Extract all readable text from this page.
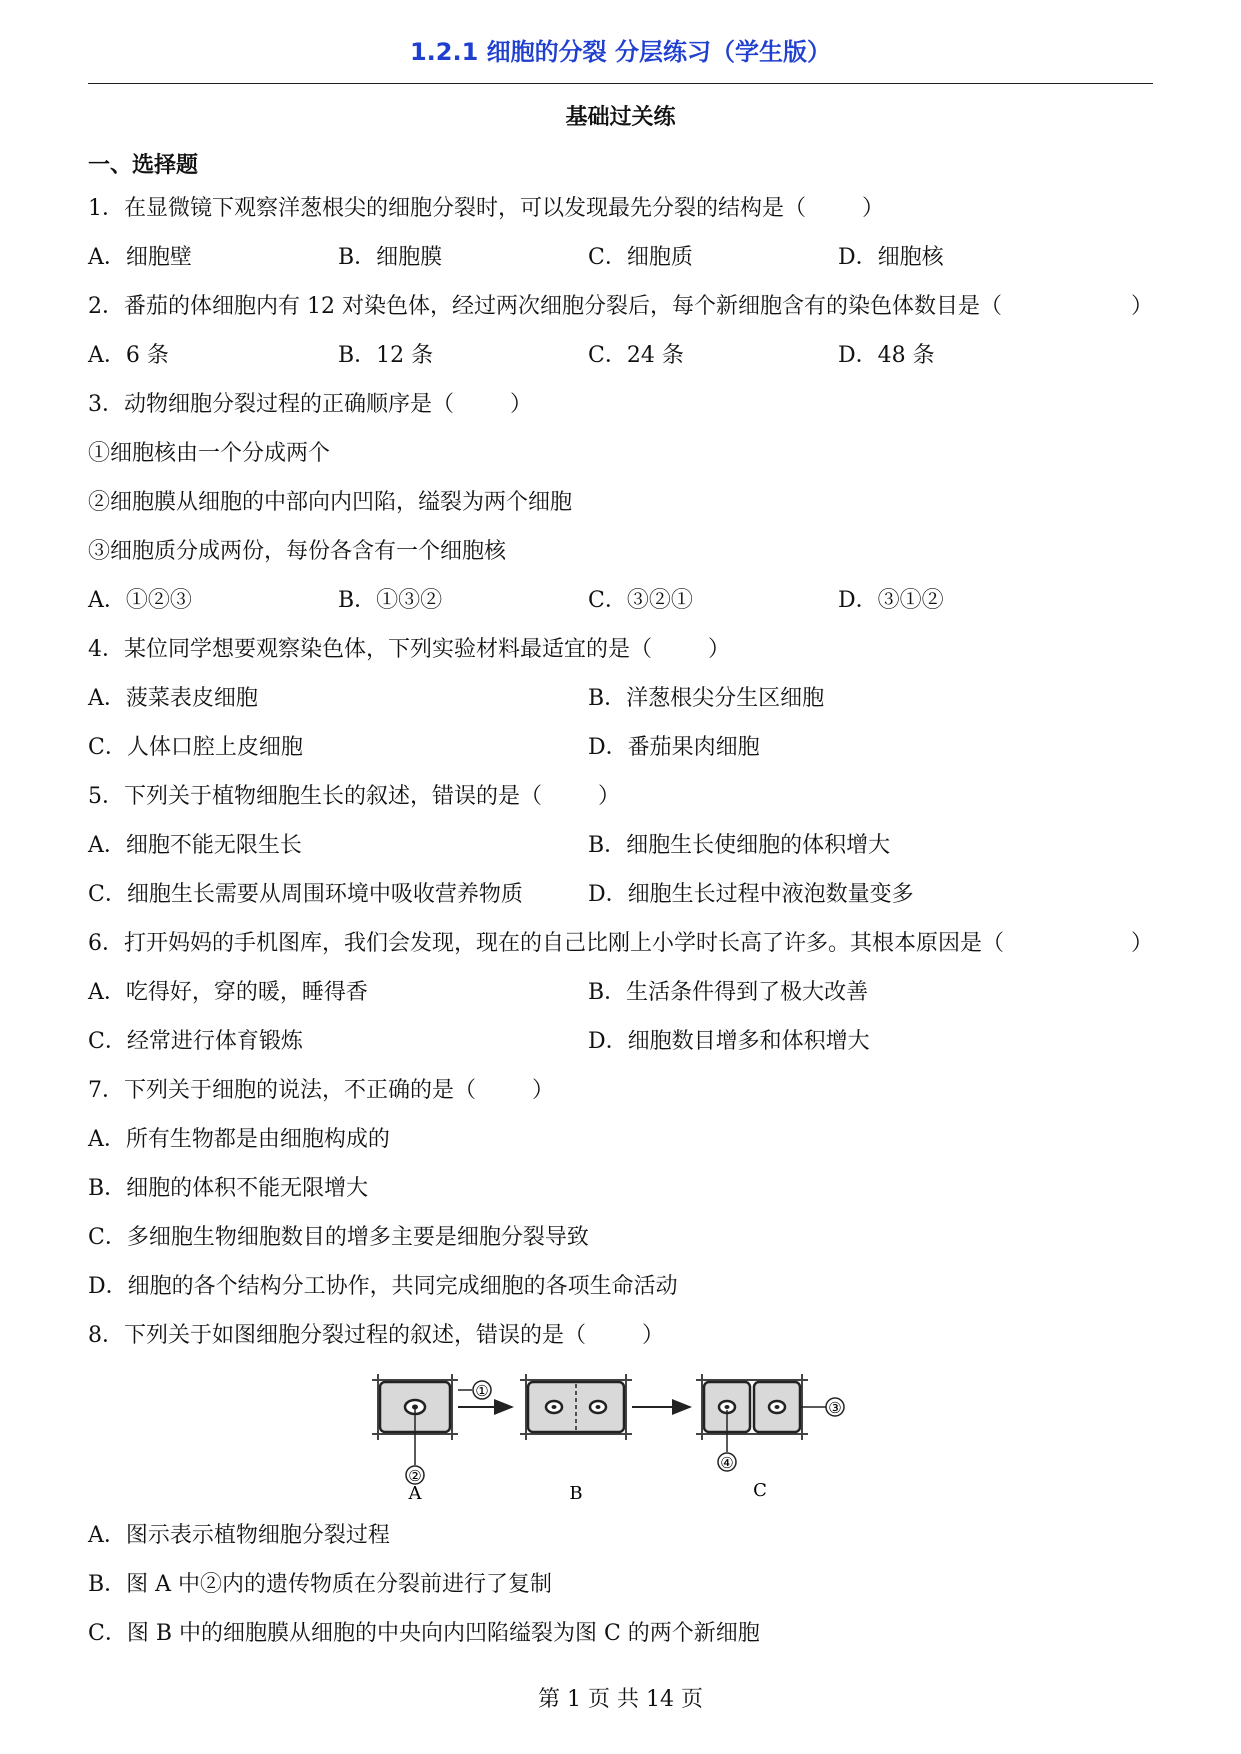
1.2.1 细胞的分裂 分层练习（学生版）
基础过关练
一、选择题
1．在显微镜下观察洋葱根尖的细胞分裂时，可以发现最先分裂的结构是（	）
A．细胞壁	B．细胞膜	C．细胞质	D．细胞核
2．番茄的体细胞内有 12 对染色体，经过两次细胞分裂后，每个新细胞含有的染色体数目是（	）
A．6 条	B．12 条	C．24 条	D．48 条
3．动物细胞分裂过程的正确顺序是（	）
①细胞核由一个分成两个
②细胞膜从细胞的中部向内凹陷，缢裂为两个细胞
③细胞质分成两份，每份各含有一个细胞核
A．①②③	B．①③②	C．③②①	D．③①②
4．某位同学想要观察染色体，下列实验材料最适宜的是（	）
A．菠菜表皮细胞	B．洋葱根尖分生区细胞
C．人体口腔上皮细胞	D．番茄果肉细胞
5．下列关于植物细胞生长的叙述，错误的是（	）
A．细胞不能无限生长	B．细胞生长使细胞的体积增大
C．细胞生长需要从周围环境中吸收营养物质	D．细胞生长过程中液泡数量变多
6．打开妈妈的手机图库，我们会发现，现在的自己比刚上小学时长高了许多。其根本原因是（	）
A．吃得好，穿的暖，睡得香	B．生活条件得到了极大改善
C．经常进行体育锻炼	D．细胞数目增多和体积增大
7．下列关于细胞的说法，不正确的是（	）
A．所有生物都是由细胞构成的
B．细胞的体积不能无限增大
C．多细胞生物细胞数目的增多主要是细胞分裂导致
D．细胞的各个结构分工协作，共同完成细胞的各项生命活动
8．下列关于如图细胞分裂过程的叙述，错误的是（	）
②
A
①
B
③
④
C
A．图示表示植物细胞分裂过程
B．图 A 中②内的遗传物质在分裂前进行了复制
C．图 B 中的细胞膜从细胞的中央向内凹陷缢裂为图 C 的两个新细胞
第 1 页 共 14 页
